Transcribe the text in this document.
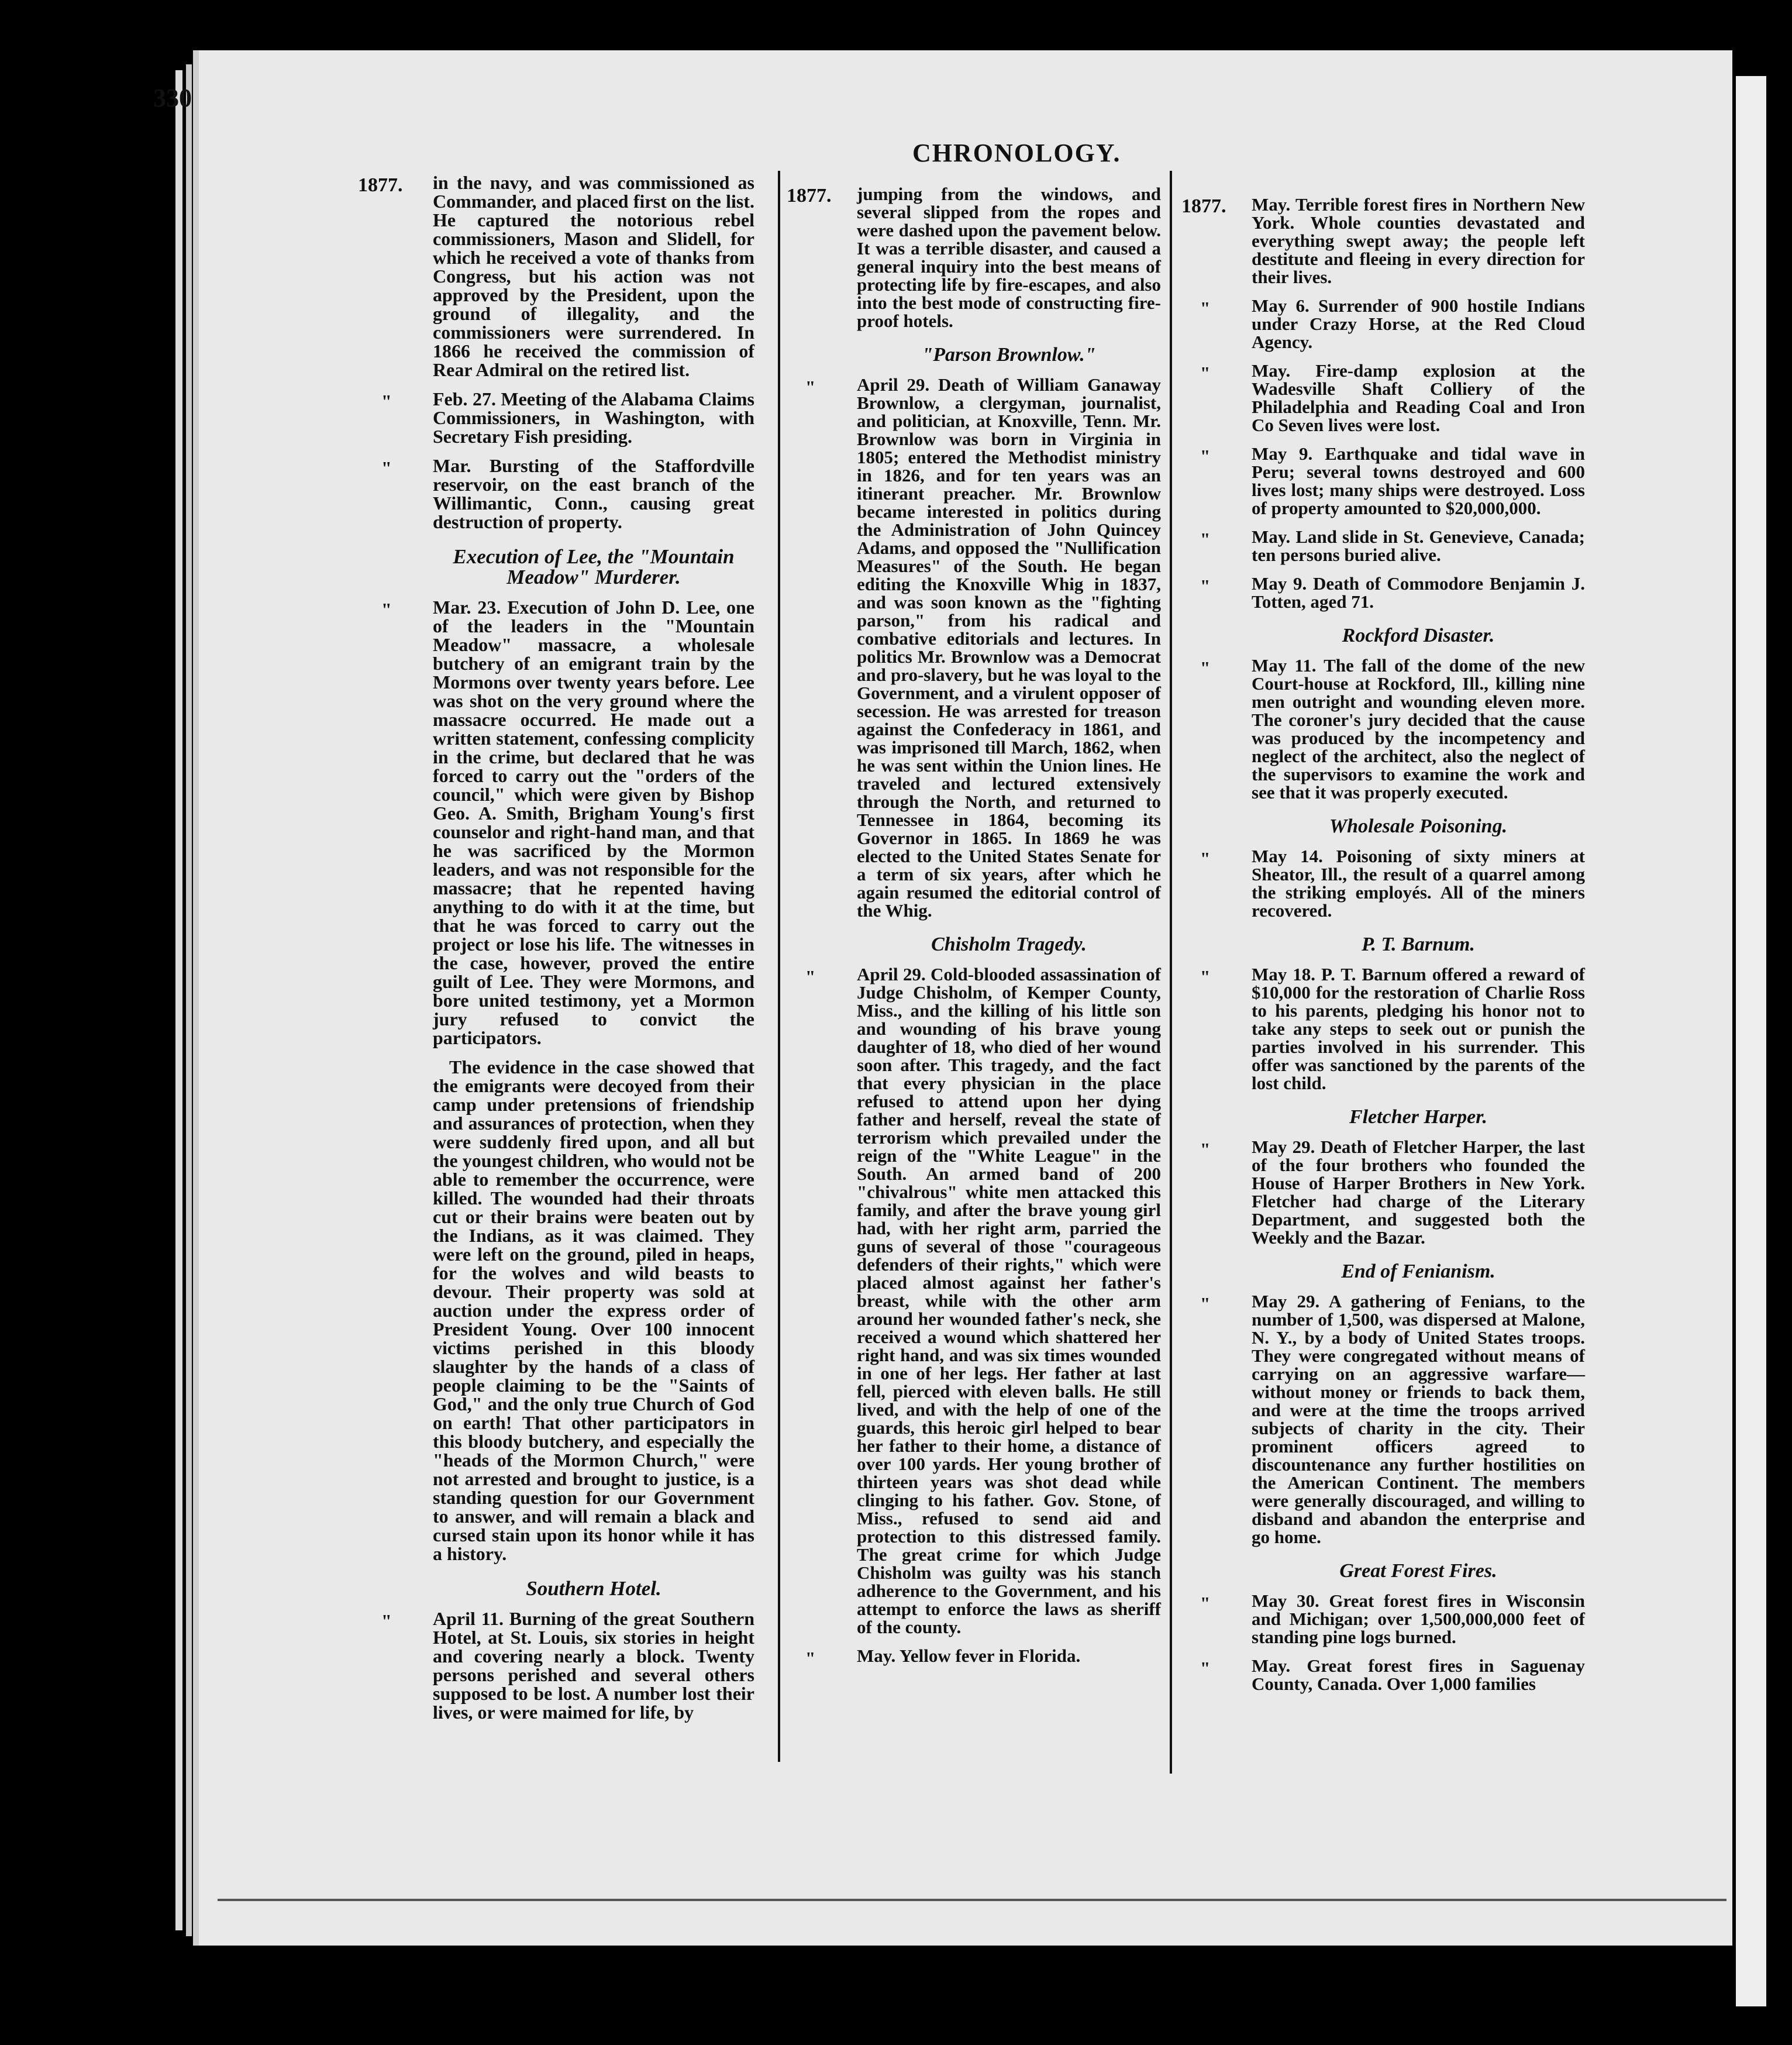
330
CHRONOLOGY.
1877.	1877.	1877.
in the navy, and was commissioned as Commander, and placed first on the list. He captured the notorious rebel commissioners, Mason and Slidell, for which he received a vote of thanks from Congress, but his action was not approved by the President, upon the ground of illegality, and the commissioners were surrendered. In 1866 he received the commission of Rear Admiral on the retired list.
" Feb. 27. Meeting of the Alabama Claims Commissioners, in Washington, with Secretary Fish presiding.
" Mar. Bursting of the Staffordville reservoir, on the east branch of the Willimantic, Conn., causing great destruction of property.
Execution of Lee, the "Mountain Meadow" Murderer.
" Mar. 23. Execution of John D. Lee, one of the leaders in the "Mountain Meadow" massacre, a wholesale butchery of an emigrant train by the Mormons over twenty years before. Lee was shot on the very ground where the massacre occurred. He made out a written statement, confessing complicity in the crime, but declared that he was forced to carry out the "orders of the council," which were given by Bishop Geo. A. Smith, Brigham Young's first counselor and right-hand man, and that he was sacrificed by the Mormon leaders, and was not responsible for the massacre; that he repented having anything to do with it at the time, but that he was forced to carry out the project or lose his life. The witnesses in the case, however, proved the entire guilt of Lee. They were Mormons, and bore united testimony, yet a Mormon jury refused to convict the participators.
The evidence in the case showed that the emigrants were decoyed from their camp under pretensions of friendship and assurances of protection, when they were suddenly fired upon, and all but the youngest children, who would not be able to remember the occurrence, were killed. The wounded had their throats cut or their brains were beaten out by the Indians, as it was claimed. They were left on the ground, piled in heaps, for the wolves and wild beasts to devour. Their property was sold at auction under the express order of President Young. Over 100 innocent victims perished in this bloody slaughter by the hands of a class of people claiming to be the "Saints of God," and the only true Church of God on earth! That other participators in this bloody butchery, and especially the "heads of the Mormon Church," were not arrested and brought to justice, is a standing question for our Government to answer, and will remain a black and cursed stain upon its honor while it has a history.
Southern Hotel.
" April 11. Burning of the great Southern Hotel, at St. Louis, six stories in height and covering nearly a block. Twenty persons perished and several others supposed to be lost. A number lost their lives, or were maimed for life, by
jumping from the windows, and several slipped from the ropes and were dashed upon the pavement below. It was a terrible disaster, and caused a general inquiry into the best means of protecting life by fire-escapes, and also into the best mode of constructing fire-proof hotels.
"Parson Brownlow."
" April 29. Death of William Ganaway Brownlow, a clergyman, journalist, and politician, at Knoxville, Tenn. Mr. Brownlow was born in Virginia in 1805; entered the Methodist ministry in 1826, and for ten years was an itinerant preacher. Mr. Brownlow became interested in politics during the Administration of John Quincey Adams, and opposed the "Nullification Measures" of the South. He began editing the Knoxville Whig in 1837, and was soon known as the "fighting parson," from his radical and combative editorials and lectures. In politics Mr. Brownlow was a Democrat and pro-slavery, but he was loyal to the Government, and a virulent opposer of secession. He was arrested for treason against the Confederacy in 1861, and was imprisoned till March, 1862, when he was sent within the Union lines. He traveled and lectured extensively through the North, and returned to Tennessee in 1864, becoming its Governor in 1865. In 1869 he was elected to the United States Senate for a term of six years, after which he again resumed the editorial control of the Whig.
Chisholm Tragedy.
" April 29. Cold-blooded assassination of Judge Chisholm, of Kemper County, Miss., and the killing of his little son and wounding of his brave young daughter of 18, who died of her wound soon after. This tragedy, and the fact that every physician in the place refused to attend upon her dying father and herself, reveal the state of terrorism which prevailed under the reign of the "White League" in the South. An armed band of 200 "chivalrous" white men attacked this family, and after the brave young girl had, with her right arm, parried the guns of several of those "courageous defenders of their rights," which were placed almost against her father's breast, while with the other arm around her wounded father's neck, she received a wound which shattered her right hand, and was six times wounded in one of her legs. Her father at last fell, pierced with eleven balls. He still lived, and with the help of one of the guards, this heroic girl helped to bear her father to their home, a distance of over 100 yards. Her young brother of thirteen years was shot dead while clinging to his father. Gov. Stone, of Miss., refused to send aid and protection to this distressed family. The great crime for which Judge Chisholm was guilty was his stanch adherence to the Government, and his attempt to enforce the laws as sheriff of the county.
" May. Yellow fever in Florida.
May. Terrible forest fires in Northern New York. Whole counties devastated and everything swept away; the people left destitute and fleeing in every direction for their lives.
" May 6. Surrender of 900 hostile Indians under Crazy Horse, at the Red Cloud Agency.
" May. Fire-damp explosion at the Wadesville Shaft Colliery of the Philadelphia and Reading Coal and Iron Co Seven lives were lost.
" May 9. Earthquake and tidal wave in Peru; several towns destroyed and 600 lives lost; many ships were destroyed. Loss of property amounted to $20,000,000.
" May. Land slide in St. Genevieve, Canada; ten persons buried alive.
" May 9. Death of Commodore Benjamin J. Totten, aged 71.
Rockford Disaster.
" May 11. The fall of the dome of the new Court-house at Rockford, Ill., killing nine men outright and wounding eleven more. The coroner's jury decided that the cause was produced by the incompetency and neglect of the architect, also the neglect of the supervisors to examine the work and see that it was properly executed.
Wholesale Poisoning.
" May 14. Poisoning of sixty miners at Sheator, Ill., the result of a quarrel among the striking employés. All of the miners recovered.
P. T. Barnum.
" May 18. P. T. Barnum offered a reward of $10,000 for the restoration of Charlie Ross to his parents, pledging his honor not to take any steps to seek out or punish the parties involved in his surrender. This offer was sanctioned by the parents of the lost child.
Fletcher Harper.
" May 29. Death of Fletcher Harper, the last of the four brothers who founded the House of Harper Brothers in New York. Fletcher had charge of the Literary Department, and suggested both the Weekly and the Bazar.
End of Fenianism.
" May 29. A gathering of Fenians, to the number of 1,500, was dispersed at Malone, N. Y., by a body of United States troops. They were congregated without means of carrying on an aggressive warfare—without money or friends to back them, and were at the time the troops arrived subjects of charity in the city. Their prominent officers agreed to discountenance any further hostilities on the American Continent. The members were generally discouraged, and willing to disband and abandon the enterprise and go home.
Great Forest Fires.
" May 30. Great forest fires in Wisconsin and Michigan; over 1,500,000,000 feet of standing pine logs burned.
" May. Great forest fires in Saguenay County, Canada. Over 1,000 families
